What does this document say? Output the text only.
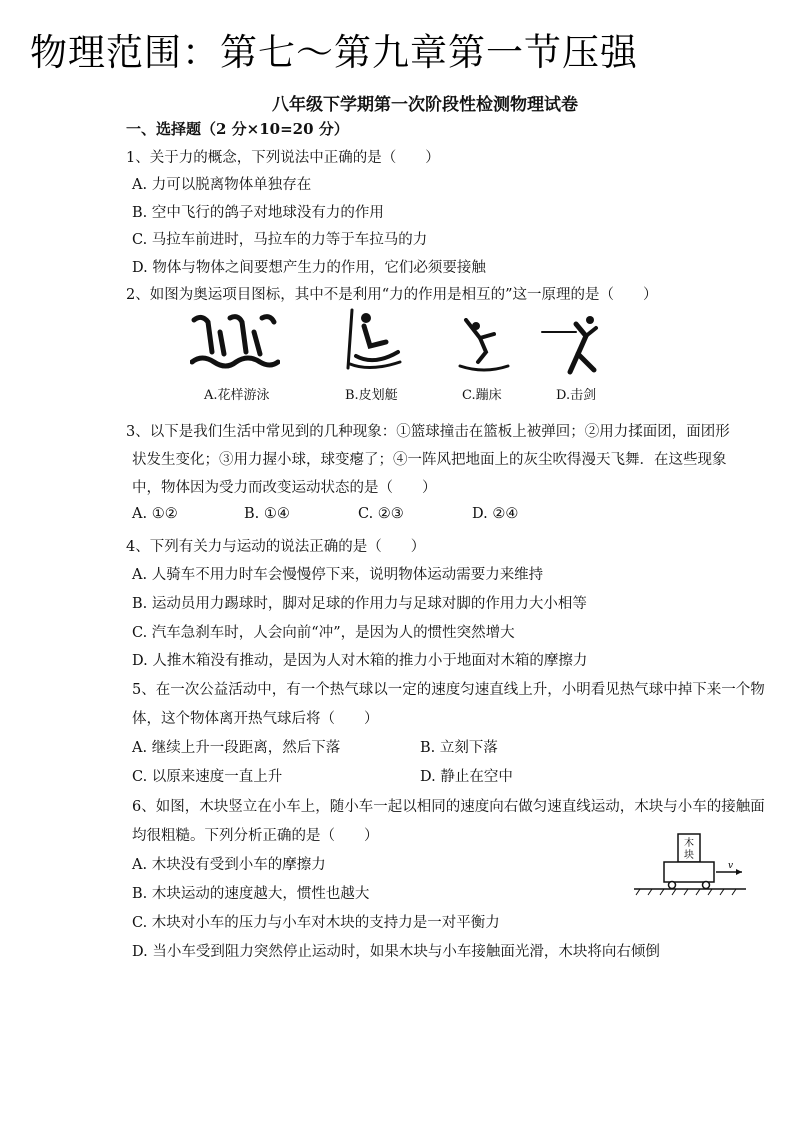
物理范围：第七～第九章第一节压强
八年级下学期第一次阶段性检测物理试卷
一、选择题（2 分×10=20 分）
1、关于力的概念，下列说法中正确的是（　　）
A. 力可以脱离物体单独存在
B. 空中飞行的鸽子对地球没有力的作用
C. 马拉车前进时，马拉车的力等于车拉马的力
D. 物体与物体之间要想产生力的作用，它们必须要接触
2、如图为奥运项目图标，其中不是利用“力的作用是相互的”这一原理的是（　　）
A.花样游泳	B.皮划艇	C.蹦床	D.击剑
3、以下是我们生活中常见到的几种现象：①篮球撞击在篮板上被弹回；②用力揉面团，面团形
状发生变化；③用力握小球，球变瘪了；④一阵风把地面上的灰尘吹得漫天飞舞．在这些现象
中，物体因为受力而改变运动状态的是（　　）
A. ①②	B. ①④	C. ②③	D. ②④
4、下列有关力与运动的说法正确的是（　　）
A. 人骑车不用力时车会慢慢停下来，说明物体运动需要力来维持
B. 运动员用力踢球时，脚对足球的作用力与足球对脚的作用力大小相等
C. 汽车急刹车时，人会向前“冲”，是因为人的惯性突然增大
D. 人推木箱没有推动，是因为人对木箱的推力小于地面对木箱的摩擦力
5、在一次公益活动中，有一个热气球以一定的速度匀速直线上升，小明看见热气球中掉下来一个物
体，这个物体离开热气球后将（　　）
A. 继续上升一段距离，然后下落	B. 立刻下落
C. 以原来速度一直上升	D. 静止在空中
6、如图，木块竖立在小车上，随小车一起以相同的速度向右做匀速直线运动，木块与小车的接触面
均很粗糙。下列分析正确的是（　　）
A. 木块没有受到小车的摩擦力
B. 木块运动的速度越大，惯性也越大
C. 木块对小车的压力与小车对木块的支持力是一对平衡力
D. 当小车受到阻力突然停止运动时，如果木块与小车接触面光滑，木块将向右倾倒
木
块
v
